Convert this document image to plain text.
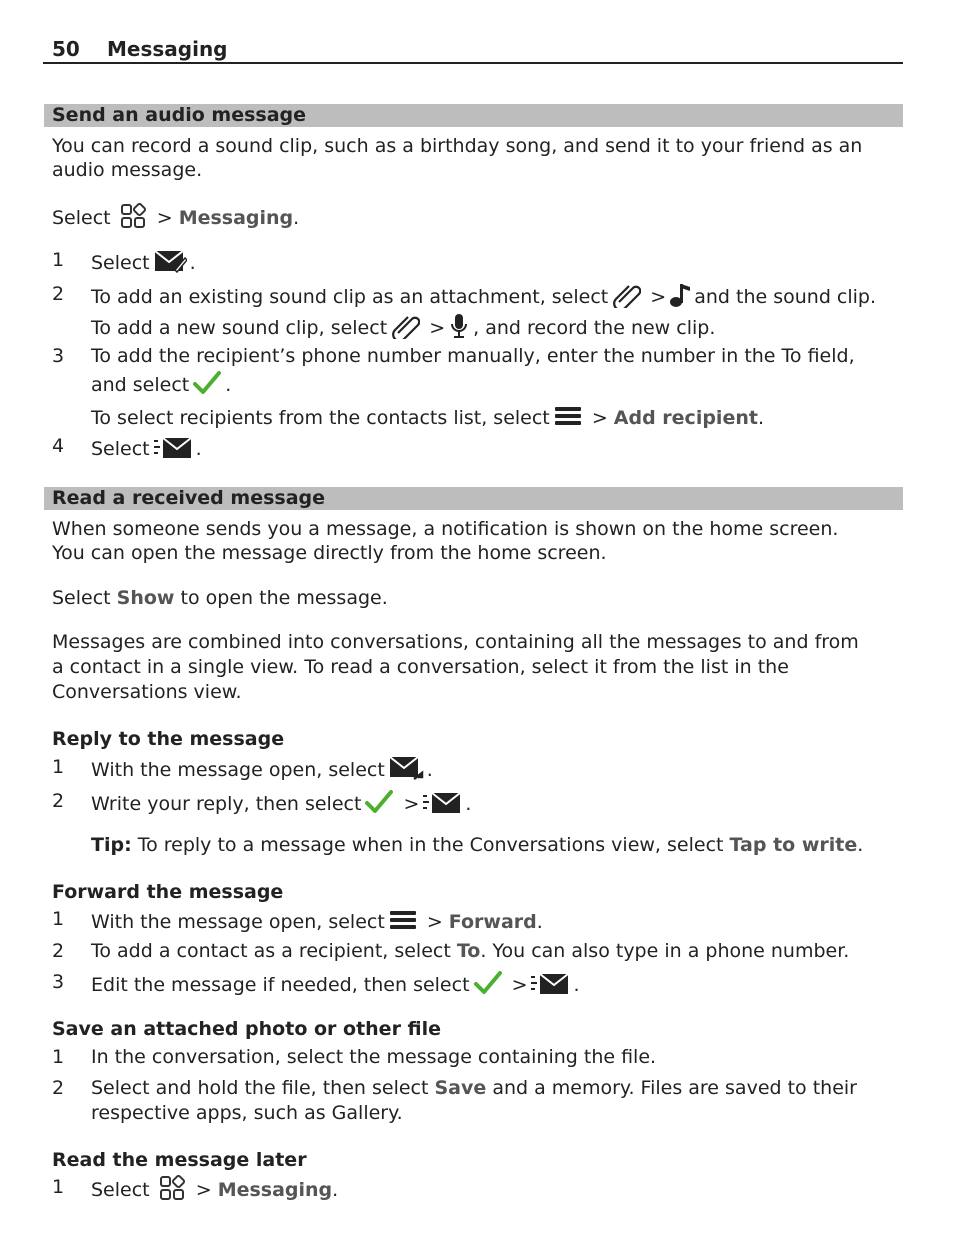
50 Messaging
Send an audio message
You can record a sound clip, such as a birthday song, and send it to your friend as an
audio message.
Select > Messaging.
1 Select .
2 To add an existing sound clip as an attachment, select > and the sound clip.
To add a new sound clip, select > , and record the new clip.
3 To add the recipient’s phone number manually, enter the number in the To field,
and select .
To select recipients from the contacts list, select > Add recipient.
4 Select .
Read a received message
When someone sends you a message, a notification is shown on the home screen.
You can open the message directly from the home screen.
Select Show to open the message.
Messages are combined into conversations, containing all the messages to and from
a contact in a single view. To read a conversation, select it from the list in the
Conversations view.
Reply to the message
1 With the message open, select .
2 Write your reply, then select > .
Tip: To reply to a message when in the Conversations view, select Tap to write.
Forward the message
1 With the message open, select > Forward.
2 To add a contact as a recipient, select To. You can also type in a phone number.
3 Edit the message if needed, then select > .
Save an attached photo or other file
1 In the conversation, select the message containing the file.
2 Select and hold the file, then select Save and a memory. Files are saved to their
respective apps, such as Gallery.
Read the message later
1 Select > Messaging.
